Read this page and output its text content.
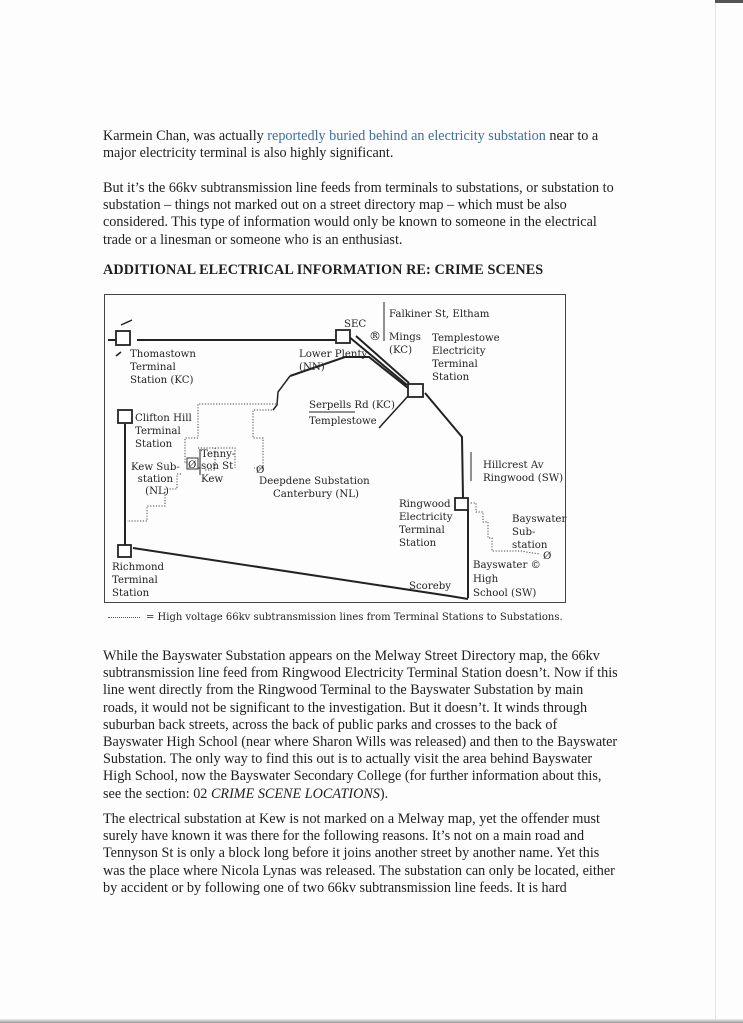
Karmein Chan, was actually reportedly buried behind an electricity substation near to a major electricity terminal is also highly significant.

But it’s the 66kv subtransmission line feeds from terminals to substations, or substation to substation – things not marked out on a street directory map – which must be also considered. This type of information would only be known to someone in the electrical trade or a linesman or someone who is an enthusiast.

ADDITIONAL ELECTRICAL INFORMATION RE: CRIME SCENES
Ø	Ø
Ø
Thomastown Terminal Station (KC)
SEC
Lower Plenty (NN)
®
Falkiner St, Eltham
Mings (KC)
Templestowe Electricity Terminal Station
Serpells Rd (KC) Templestowe
Clifton Hill Terminal Station
Tenny- son St Kew
Kew Sub- station (NL)
Deepdene Substation Canterbury (NL)
Hillcrest Av Ringwood (SW)
Ringwood Electricity Terminal Station
Bayswater Sub- station
Bayswater © High School (SW)
Scoreby
Richmond Terminal Station
= High voltage 66kv subtransmission lines from Terminal Stations to Substations.

While the Bayswater Substation appears on the Melway Street Directory map, the 66kv subtransmission line feed from Ringwood Electricity Terminal Station doesn’t. Now if this line went directly from the Ringwood Terminal to the Bayswater Substation by main roads, it would not be significant to the investigation. But it doesn’t. It winds through suburban back streets, across the back of public parks and crosses to the back of Bayswater High School (near where Sharon Wills was released) and then to the Bayswater Substation. The only way to find this out is to actually visit the area behind Bayswater High School, now the Bayswater Secondary College (for further information about this, see the section: 02 CRIME SCENE LOCATIONS).

The electrical substation at Kew is not marked on a Melway map, yet the offender must surely have known it was there for the following reasons. It’s not on a main road and Tennyson St is only a block long before it joins another street by another name. Yet this was the place where Nicola Lynas was released. The substation can only be located, either by accident or by following one of two 66kv subtransmission line feeds. It is hard
